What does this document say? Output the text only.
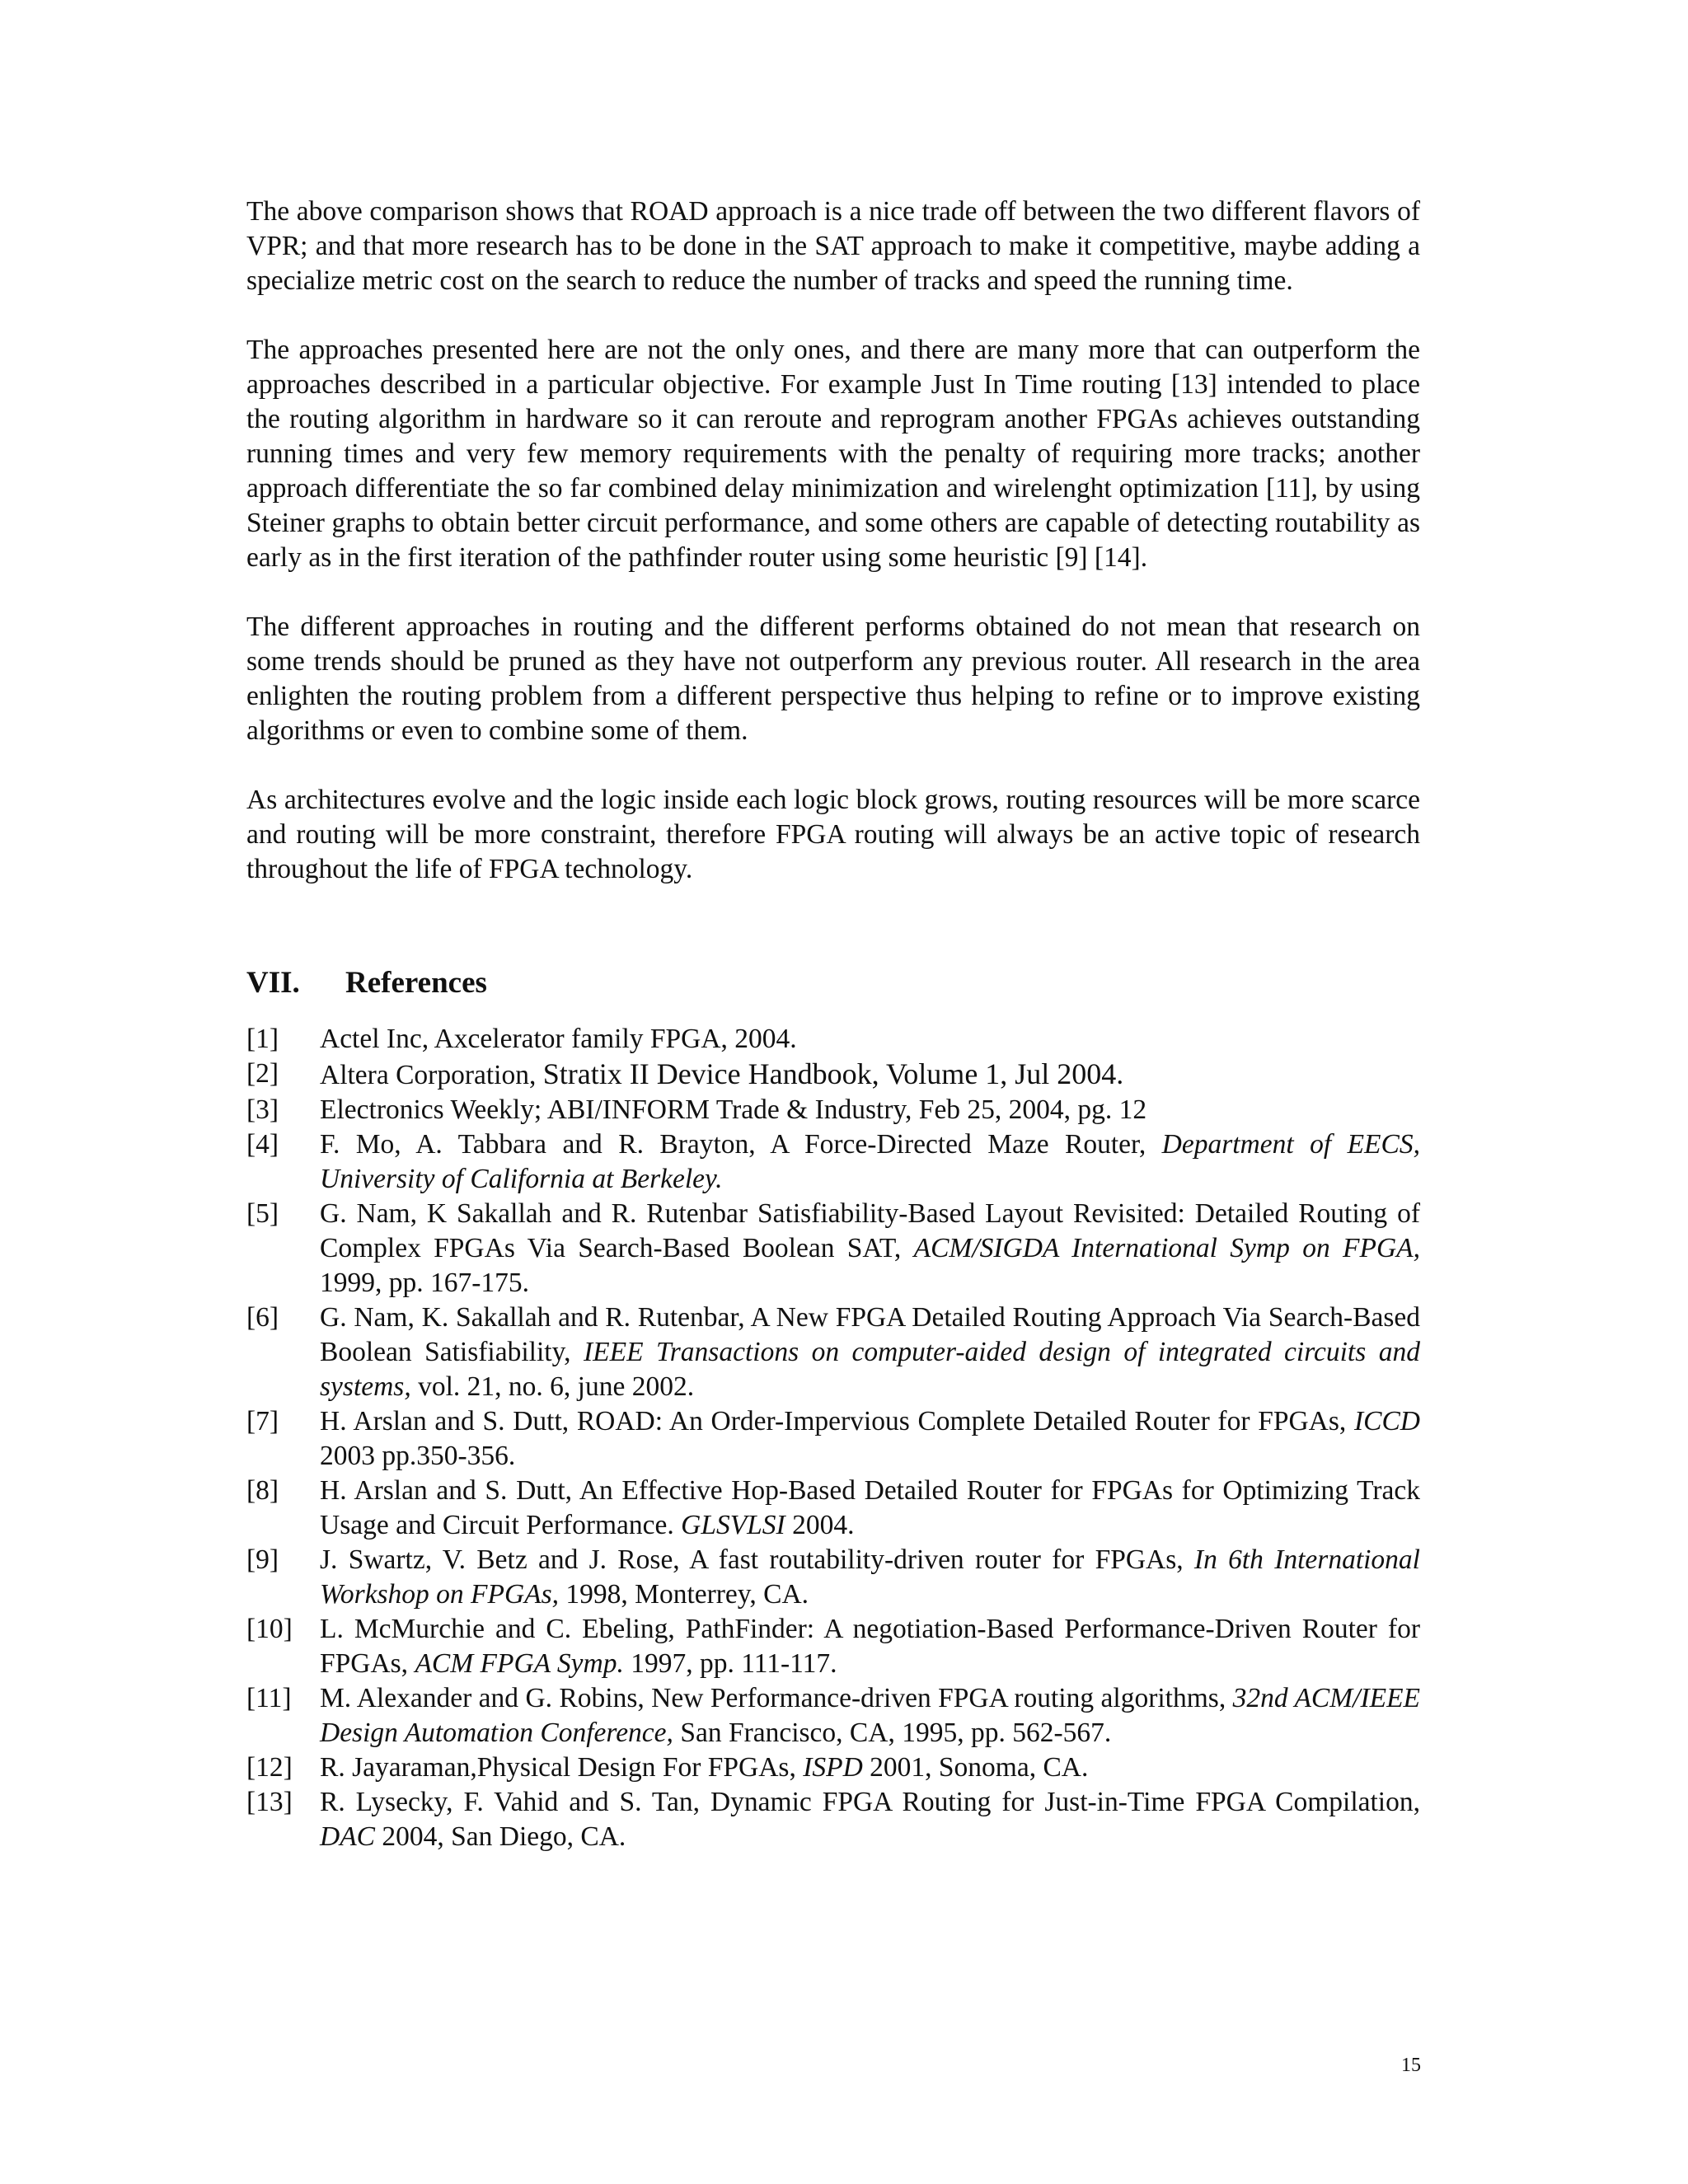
The above comparison shows that ROAD approach is a nice trade off between the two different flavors of VPR; and that more research has to be done in the SAT approach to make it competitive, maybe adding a specialize metric cost on the search to reduce the number of tracks and speed the running time.

The approaches presented here are not the only ones, and there are many more that can outperform the approaches described in a particular objective. For example Just In Time routing [13] intended to place the routing algorithm in hardware so it can reroute and reprogram another FPGAs achieves outstanding running times and very few memory requirements with the penalty of requiring more tracks; another approach differentiate the so far combined delay minimization and wirelenght optimization [11], by using Steiner graphs to obtain better circuit performance, and some others are capable of detecting routability as early as in the first iteration of the pathfinder router using some heuristic [9] [14].

The different approaches in routing and the different performs obtained do not mean that research on some trends should be pruned as they have not outperform any previous router. All research in the area enlighten the routing problem from a different perspective thus helping to refine or to improve existing algorithms or even to combine some of them.

As architectures evolve and the logic inside each logic block grows, routing resources will be more scarce and routing will be more constraint, therefore FPGA routing will always be an active topic of research throughout the life of FPGA technology.

VII. References
[1]	Actel Inc, Axcelerator family FPGA, 2004.
[2]	Altera Corporation, Stratix II Device Handbook, Volume 1, Jul 2004.
[3]	Electronics Weekly; ABI/INFORM Trade & Industry, Feb 25, 2004, pg. 12
[4]	F. Mo, A. Tabbara and R. Brayton, A Force-Directed Maze Router, Department of EECS, University of California at Berkeley.
[5]	G. Nam, K Sakallah and R. Rutenbar Satisfiability-Based Layout Revisited: Detailed Routing of Complex FPGAs Via Search-Based Boolean SAT, ACM/SIGDA International Symp on FPGA, 1999, pp. 167-175.
[6]	G. Nam, K. Sakallah and R. Rutenbar, A New FPGA Detailed Routing Approach Via Search-Based Boolean Satisfiability, IEEE Transactions on computer-aided design of integrated circuits and systems, vol. 21, no. 6, june 2002.
[7]	H. Arslan and S. Dutt, ROAD: An Order-Impervious Complete Detailed Router for FPGAs, ICCD 2003 pp.350-356.
[8]	H. Arslan and S. Dutt, An Effective Hop-Based Detailed Router for FPGAs for Optimizing Track Usage and Circuit Performance. GLSVLSI 2004.
[9]	J. Swartz, V. Betz and J. Rose, A fast routability-driven router for FPGAs, In 6th International Workshop on FPGAs, 1998, Monterrey, CA.
[10] L. McMurchie and C. Ebeling, PathFinder: A negotiation-Based Performance-Driven Router for FPGAs, ACM FPGA Symp. 1997, pp. 111-117.
[11]	M. Alexander and G. Robins, New Performance-driven FPGA routing algorithms, 32nd ACM/IEEE Design Automation Conference, San Francisco, CA, 1995, pp. 562-567.
[12] R. Jayaraman,Physical Design For FPGAs, ISPD 2001, Sonoma, CA.
[13] R. Lysecky, F. Vahid and S. Tan, Dynamic FPGA Routing for Just-in-Time FPGA Compilation, DAC 2004, San Diego, CA.
15
